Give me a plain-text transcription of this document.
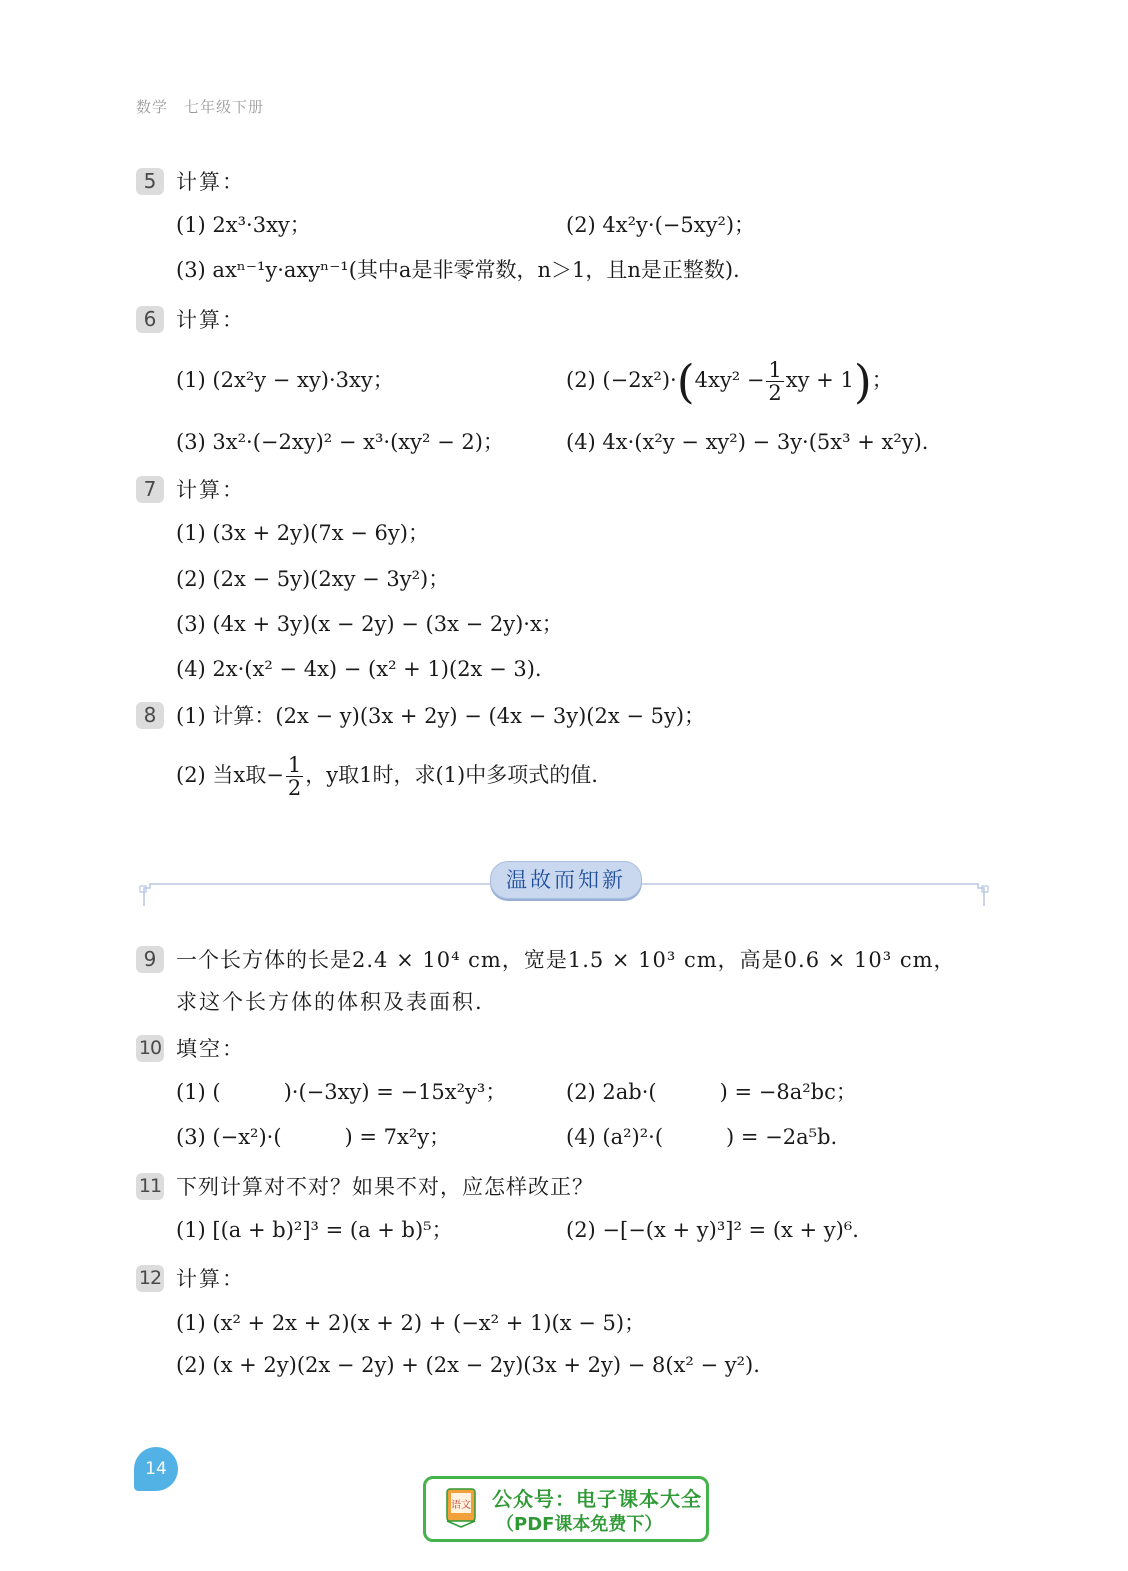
数学 七年级下册
5 计算：
(1) 2x³·3xy；	(2) 4x²y·(−5xy²)；
(3) axⁿ⁻¹y·axyⁿ⁻¹(其中a是非零常数，n＞1，且n是正整数).
6 计算：
(1) (2x²y − xy)·3xy；	(2) $(-2x^2)\cdot(4xy^2 - \frac{1}{2}$ xy + 1)；
(3) 3x²·(−2xy)² − x³·(xy² − 2)；	(4) 4x·(x²y − xy²) − 3y·(5x³ + x²y).
7 计算：
(1) (3x + 2y)(7x − 6y)；
(2) (2x − 5y)(2xy − 3y²)；
(3) (4x + 3y)(x − 2y) − (3x − 2y)·x；
(4) 2x·(x² − 4x) − (x² + 1)(2x − 3).
8 (1) 计算：(2x − y)(3x + 2y) − (4x − 3y)(2x − 5y)；
(2) 当x取− $\frac{1}{2}$ ，y取1时，求(1)中多项式的值.
温故而知新
9 一个长方体的长是2.4 × 10⁴ cm，宽是1.5 × 10³ cm，高是0.6 × 10³ cm，
求这个长方体的体积及表面积.
10 填空：
(1) (　　　)·(−3xy) = −15x²y³；	(2) 2ab·(　　　) = −8a²bc；
(3) (−x²)·(　　　) = 7x²y；	(4) (a²)²·(　　　) = −2a⁵b.
11 下列计算对不对？如果不对，应怎样改正？
(1) [(a + b)²]³ = (a + b)⁵；	(2) −[−(x + y)³]² = (x + y)⁶.
12 计算：
(1) (x² + 2x + 2)(x + 2) + (−x² + 1)(x − 5)；
(2) (x + 2y)(2x − 2y) + (2x − 2y)(3x + 2y) − 8(x² − y²).
14
语文 公众号：电子课本大全
（PDF课本免费下）
